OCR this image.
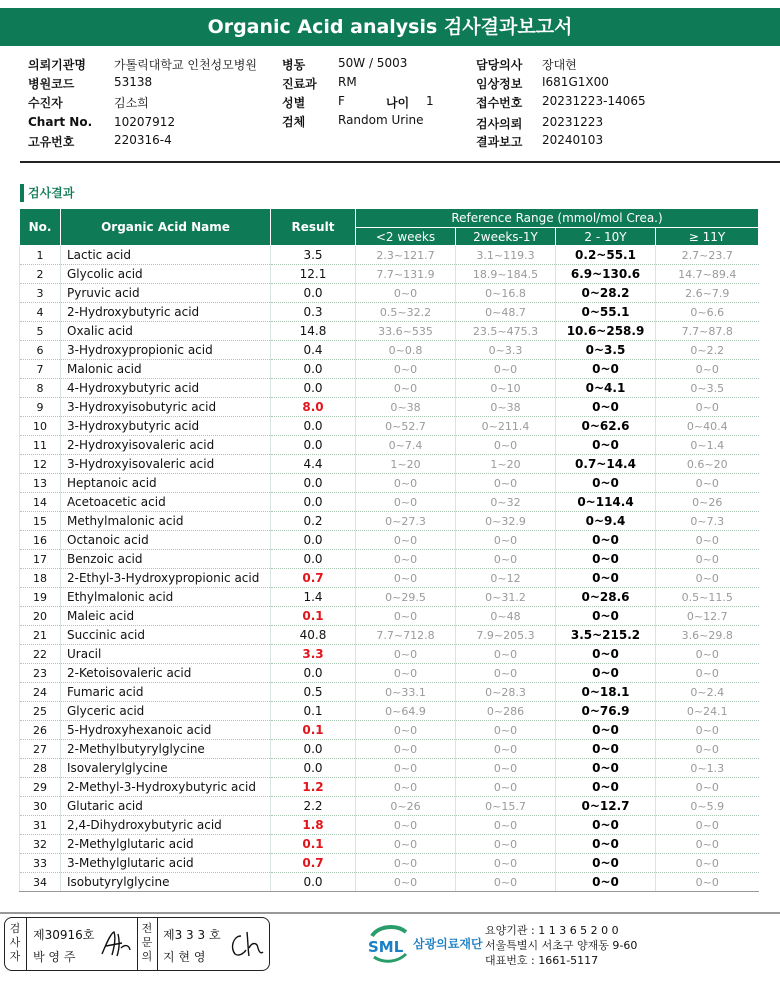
Organic Acid analysis 검사결과보고서
의뢰기관명 가톨릭대학교 인천성모병원
병원코드	53138
수진자	김소희
Chart No. 10207912
고유번호	220316-4
병동	50W / 5003
진료과 RM
성별	F	나이 1
검체	Random Urine
담당의사 장대현
임상정보 I681G1X00
접수번호 20231223-14065
검사의뢰 20231223
결과보고 20240103
검사결과
No.	Organic Acid Name	Result	Reference Range (mmol/mol Crea.)			
			<2 weeks	2weeks-1Y	2 - 10Y	≥ 11Y
1	Lactic acid	3.5	2.3~121.7	3.1~119.3	0.2~55.1	2.7~23.7
2	Glycolic acid	12.1	7.7~131.9	18.9~184.5	6.9~130.6	14.7~89.4
3	Pyruvic acid	0.0	0~0	0~16.8	0~28.2	2.6~7.9
4	2-Hydroxybutyric acid	0.3	0.5~32.2	0~48.7	0~55.1	0~6.6
5	Oxalic acid	14.8	33.6~535	23.5~475.3	10.6~258.9	7.7~87.8
6	3-Hydroxypropionic acid	0.4	0~0.8	0~3.3	0~3.5	0~2.2
7	Malonic acid	0.0	0~0	0~0	0~0	0~0
8	4-Hydroxybutyric acid	0.0	0~0	0~10	0~4.1	0~3.5
9	3-Hydroxyisobutyric acid	8.0	0~38	0~38	0~0	0~0
10	3-Hydroxybutyric acid	0.0	0~52.7	0~211.4	0~62.6	0~40.4
11	2-Hydroxyisovaleric acid	0.0	0~7.4	0~0	0~0	0~1.4
12	3-Hydroxyisovaleric acid	4.4	1~20	1~20	0.7~14.4	0.6~20
13	Heptanoic acid	0.0	0~0	0~0	0~0	0~0
14	Acetoacetic acid	0.0	0~0	0~32	0~114.4	0~26
15	Methylmalonic acid	0.2	0~27.3	0~32.9	0~9.4	0~7.3
16	Octanoic acid	0.0	0~0	0~0	0~0	0~0
17	Benzoic acid	0.0	0~0	0~0	0~0	0~0
18	2-Ethyl-3-Hydroxypropionic acid	0.7	0~0	0~12	0~0	0~0
19	Ethylmalonic acid	1.4	0~29.5	0~31.2	0~28.6	0.5~11.5
20	Maleic acid	0.1	0~0	0~48	0~0	0~12.7
21	Succinic acid	40.8	7.7~712.8	7.9~205.3	3.5~215.2	3.6~29.8
22	Uracil	3.3	0~0	0~0	0~0	0~0
23	2-Ketoisovaleric acid	0.0	0~0	0~0	0~0	0~0
24	Fumaric acid	0.5	0~33.1	0~28.3	0~18.1	0~2.4
25	Glyceric acid	0.1	0~64.9	0~286	0~76.9	0~24.1
26	5-Hydroxyhexanoic acid	0.1	0~0	0~0	0~0	0~0
27	2-Methylbutyrylglycine	0.0	0~0	0~0	0~0	0~0
28	Isovalerylglycine	0.0	0~0	0~0	0~0	0~1.3
29	2-Methyl-3-Hydroxybutyric acid	1.2	0~0	0~0	0~0	0~0
30	Glutaric acid	2.2	0~26	0~15.7	0~12.7	0~5.9
31	2,4-Dihydroxybutyric acid	1.8	0~0	0~0	0~0	0~0
32	2-Methylglutaric acid	0.1	0~0	0~0	0~0	0~0
33	3-Methylglutaric acid	0.7	0~0	0~0	0~0	0~0
34	Isobutyrylglycine	0.0	0~0	0~0	0~0	0~0
검사자
제30916호
박 영 주
전문의
제3 3 3 호
지 현 영
SML 삼광의료재단
요양기관 : 1 1 3 6 5 2 0 0
서울특별시 서초구 양재동 9-60
대표번호 : 1661-5117
